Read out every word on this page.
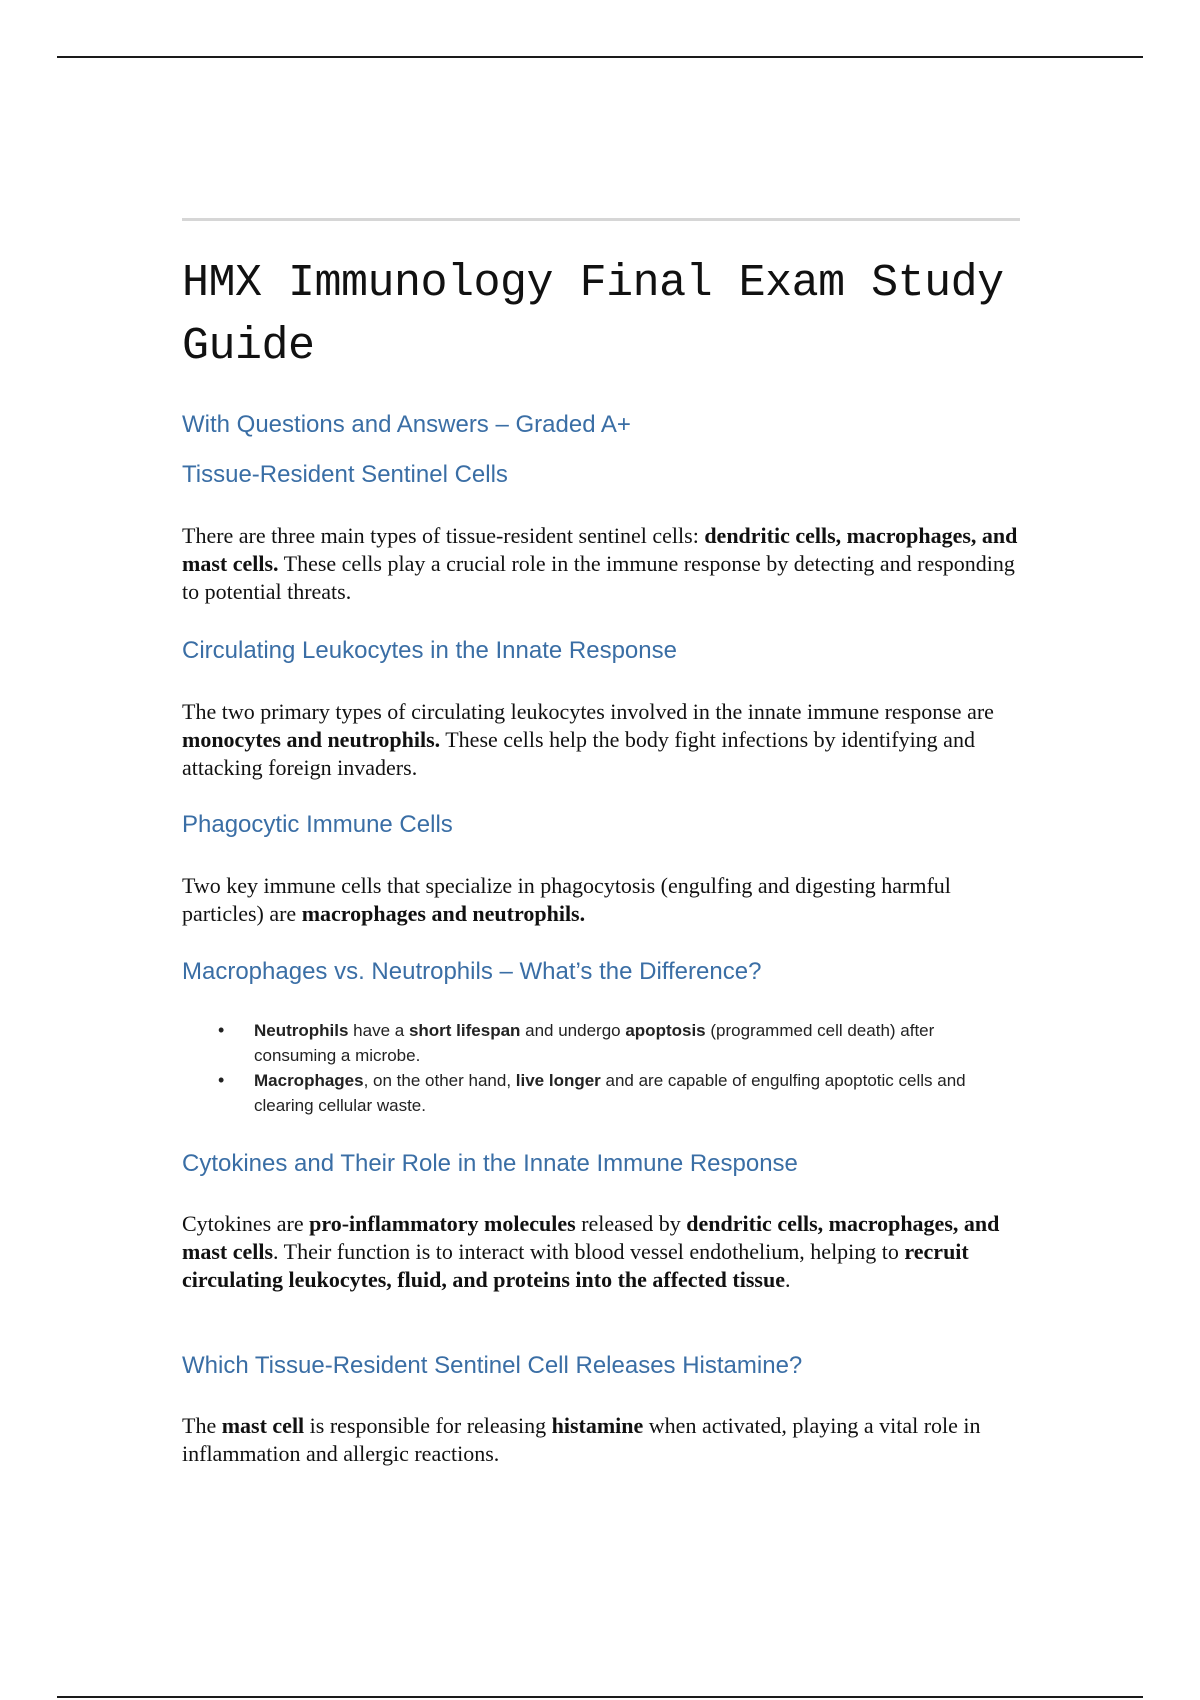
HMX Immunology Final Exam Study Guide
With Questions and Answers – Graded A+
Tissue-Resident Sentinel Cells

There are three main types of tissue-resident sentinel cells: dendritic cells, macrophages, and mast cells. These cells play a crucial role in the immune response by detecting and responding to potential threats.

Circulating Leukocytes in the Innate Response

The two primary types of circulating leukocytes involved in the innate immune response are monocytes and neutrophils. These cells help the body fight infections by identifying and attacking foreign invaders.

Phagocytic Immune Cells

Two key immune cells that specialize in phagocytosis (engulfing and digesting harmful particles) are macrophages and neutrophils.

Macrophages vs. Neutrophils – What’s the Difference?
• Neutrophils have a short lifespan and undergo apoptosis (programmed cell death) after consuming a microbe.
• Macrophages, on the other hand, live longer and are capable of engulfing apoptotic cells and clearing cellular waste.
Cytokines and Their Role in the Innate Immune Response

Cytokines are pro-inflammatory molecules released by dendritic cells, macrophages, and mast cells. Their function is to interact with blood vessel endothelium, helping to recruit circulating leukocytes, fluid, and proteins into the affected tissue.

Which Tissue-Resident Sentinel Cell Releases Histamine?

The mast cell is responsible for releasing histamine when activated, playing a vital role in inflammation and allergic reactions.
